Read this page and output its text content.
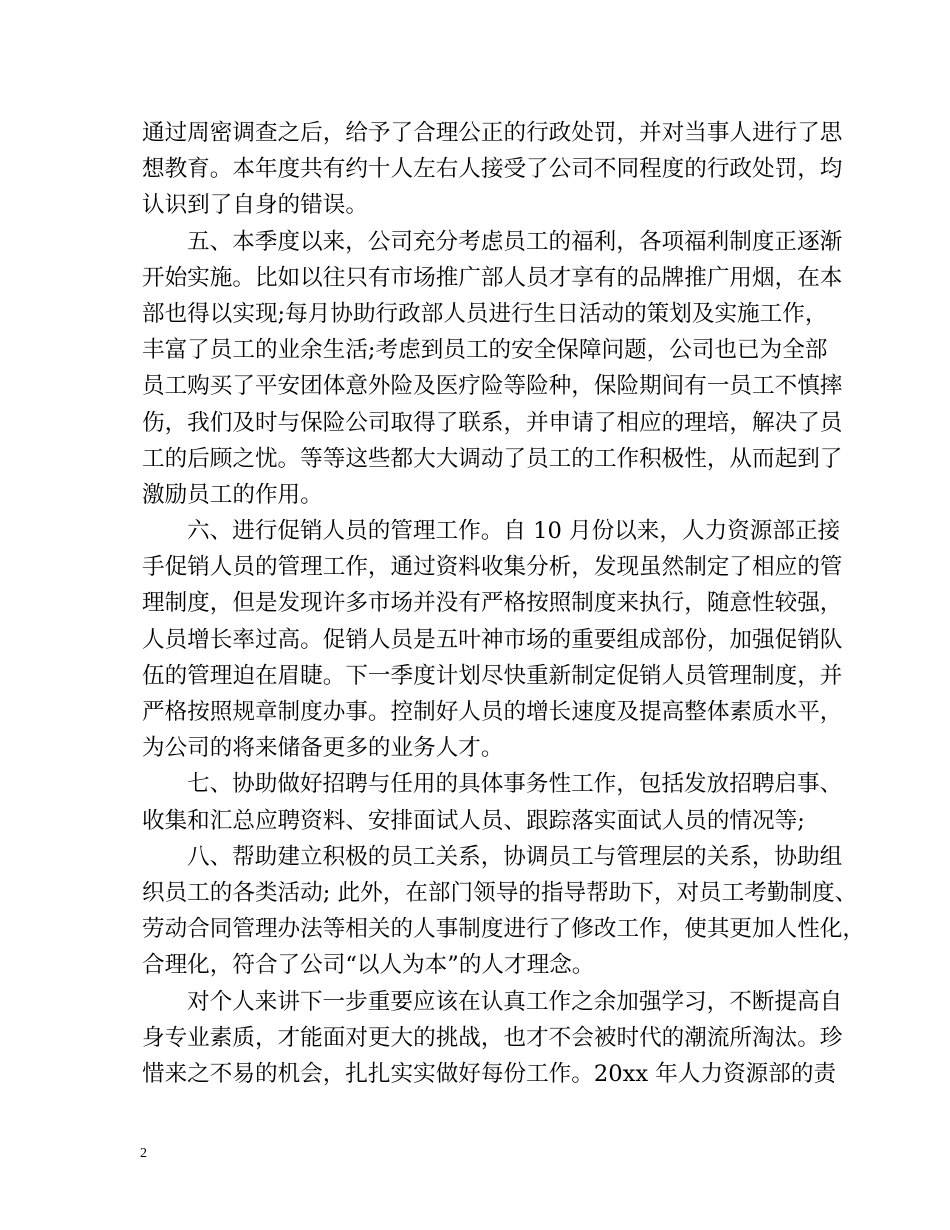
通过周密调查之后，给予了合理公正的行政处罚，并对当事人进行了思
想教育。本年度共有约十人左右人接受了公司不同程度的行政处罚，均
认识到了自身的错误。
五、本季度以来，公司充分考虑员工的福利，各项福利制度正逐渐
开始实施。比如以往只有市场推广部人员才享有的品牌推广用烟，在本
部也得以实现;每月协助行政部人员进行生日活动的策划及实施工作，
丰富了员工的业余生活;考虑到员工的安全保障问题，公司也已为全部
员工购买了平安团体意外险及医疗险等险种，保险期间有一员工不慎摔
伤，我们及时与保险公司取得了联系，并申请了相应的理培，解决了员
工的后顾之忧。等等这些都大大调动了员工的工作积极性，从而起到了
激励员工的作用。
六、进行促销人员的管理工作。自 10 月份以来，人力资源部正接
手促销人员的管理工作，通过资料收集分析，发现虽然制定了相应的管
理制度，但是发现许多市场并没有严格按照制度来执行，随意性较强，
人员增长率过高。促销人员是五叶神市场的重要组成部份，加强促销队
伍的管理迫在眉睫。下一季度计划尽快重新制定促销人员管理制度，并
严格按照规章制度办事。控制好人员的增长速度及提高整体素质水平，
为公司的将来储备更多的业务人才。
七、协助做好招聘与任用的具体事务性工作，包括发放招聘启事、
收集和汇总应聘资料、安排面试人员、跟踪落实面试人员的情况等;
八、帮助建立积极的员工关系，协调员工与管理层的关系，协助组
织员工的各类活动; 此外，在部门领导的指导帮助下，对员工考勤制度、
劳动合同管理办法等相关的人事制度进行了修改工作，使其更加人性化，
合理化，符合了公司“以人为本”的人才理念。
对个人来讲下一步重要应该在认真工作之余加强学习，不断提高自
身专业素质，才能面对更大的挑战，也才不会被时代的潮流所淘汰。珍
惜来之不易的机会，扎扎实实做好每份工作。20xx 年人力资源部的责
2
